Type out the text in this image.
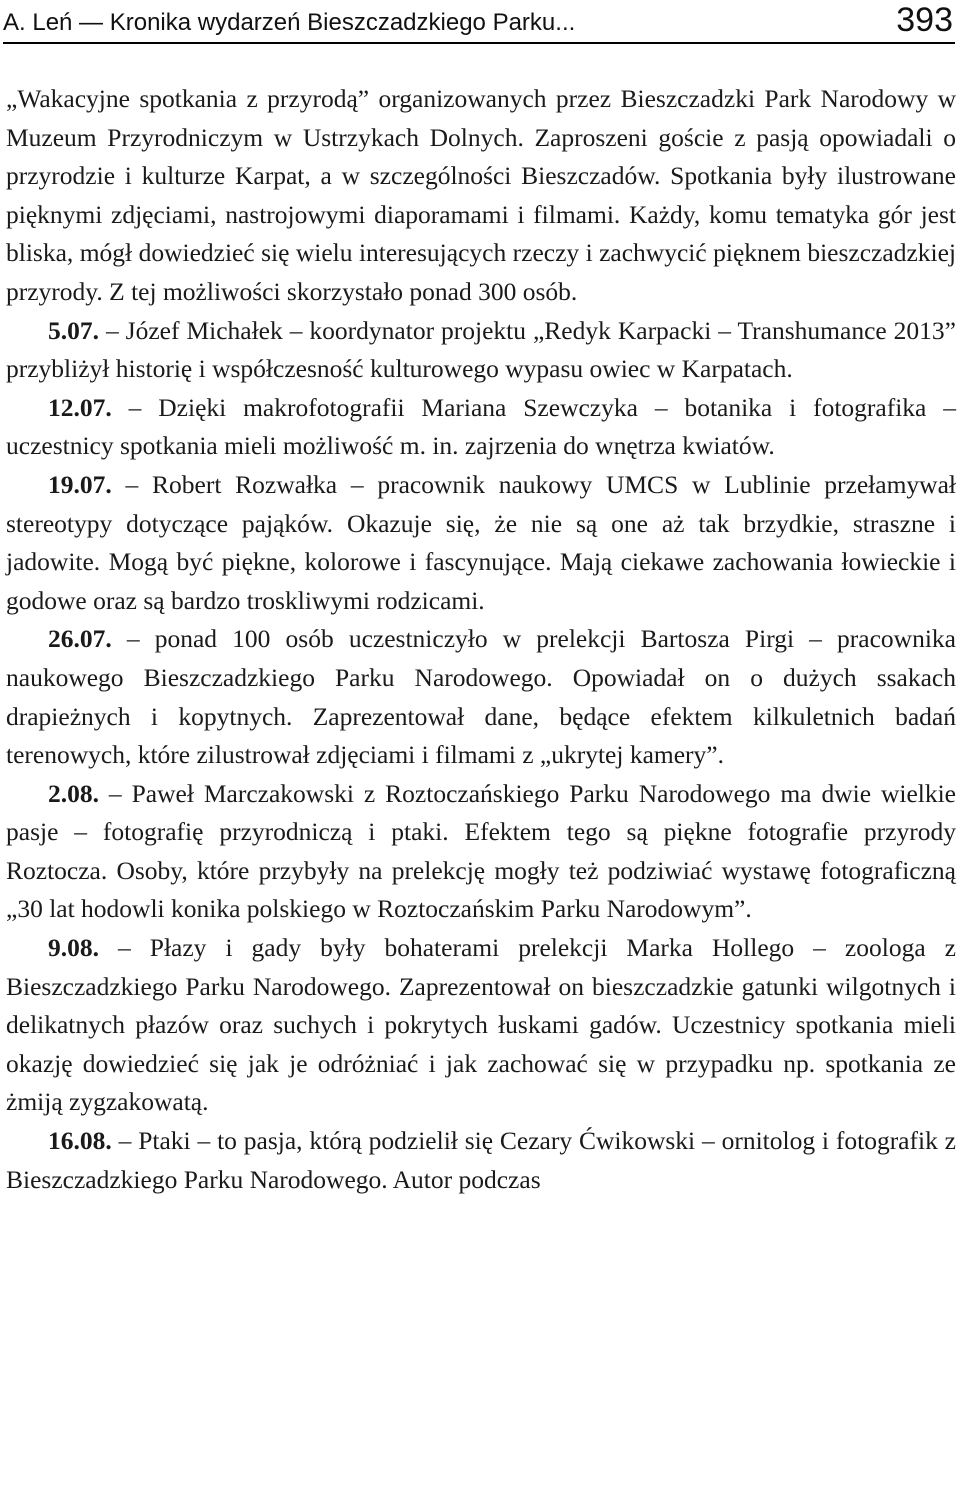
A. Leń — Kronika wydarzeń Bieszczadzkiego Parku...	393

„Wakacyjne spotkania z przyrodą” organizowanych przez Bieszczadzki Park Narodowy w Muzeum Przyrodniczym w Ustrzykach Dolnych. Zaproszeni goście z pasją opowiadali o przyrodzie i kulturze Karpat, a w szczególności Bieszczadów. Spotkania były ilustrowane pięknymi zdjęciami, nastrojowymi diaporamami i filmami. Każdy, komu tematyka gór jest bliska, mógł dowiedzieć się wielu interesujących rzeczy i zachwycić pięknem bieszczadzkiej przyrody. Z tej możliwości skorzystało ponad 300 osób.

5.07. – Józef Michałek – koordynator projektu „Redyk Karpacki – Transhumance 2013” przybliżył historię i współczesność kulturowego wypasu owiec w Karpatach.

12.07. – Dzięki makrofotografii Mariana Szewczyka – botanika i fotografika – uczestnicy spotkania mieli możliwość m. in. zajrzenia do wnętrza kwiatów.

19.07. – Robert Rozwałka – pracownik naukowy UMCS w Lublinie przełamywał stereotypy dotyczące pająków. Okazuje się, że nie są one aż tak brzydkie, straszne i jadowite. Mogą być piękne, kolorowe i fascynujące. Mają ciekawe zachowania łowieckie i godowe oraz są bardzo troskliwymi rodzicami.

26.07. – ponad 100 osób uczestniczyło w prelekcji Bartosza Pirgi – pracownika naukowego Bieszczadzkiego Parku Narodowego. Opowiadał on o dużych ssakach drapieżnych i kopytnych. Zaprezentował dane, będące efektem kilkuletnich badań terenowych, które zilustrował zdjęciami i filmami z „ukrytej kamery”.

2.08. – Paweł Marczakowski z Roztoczańskiego Parku Narodowego ma dwie wielkie pasje – fotografię przyrodniczą i ptaki. Efektem tego są piękne fotografie przyrody Roztocza. Osoby, które przybyły na prelekcję mogły też podziwiać wystawę fotograficzną „30 lat hodowli konika polskiego w Roztoczańskim Parku Narodowym”.

9.08. – Płazy i gady były bohaterami prelekcji Marka Hollego – zoologa z Bieszczadzkiego Parku Narodowego. Zaprezentował on bieszczadzkie gatunki wilgotnych i delikatnych płazów oraz suchych i pokrytych łuskami gadów. Uczestnicy spotkania mieli okazję dowiedzieć się jak je odróżniać i jak zachować się w przypadku np. spotkania ze żmiją zygzakowatą.

16.08. – Ptaki – to pasja, którą podzielił się Cezary Ćwikowski – ornitolog i fotografik z Bieszczadzkiego Parku Narodowego. Autor podczas
